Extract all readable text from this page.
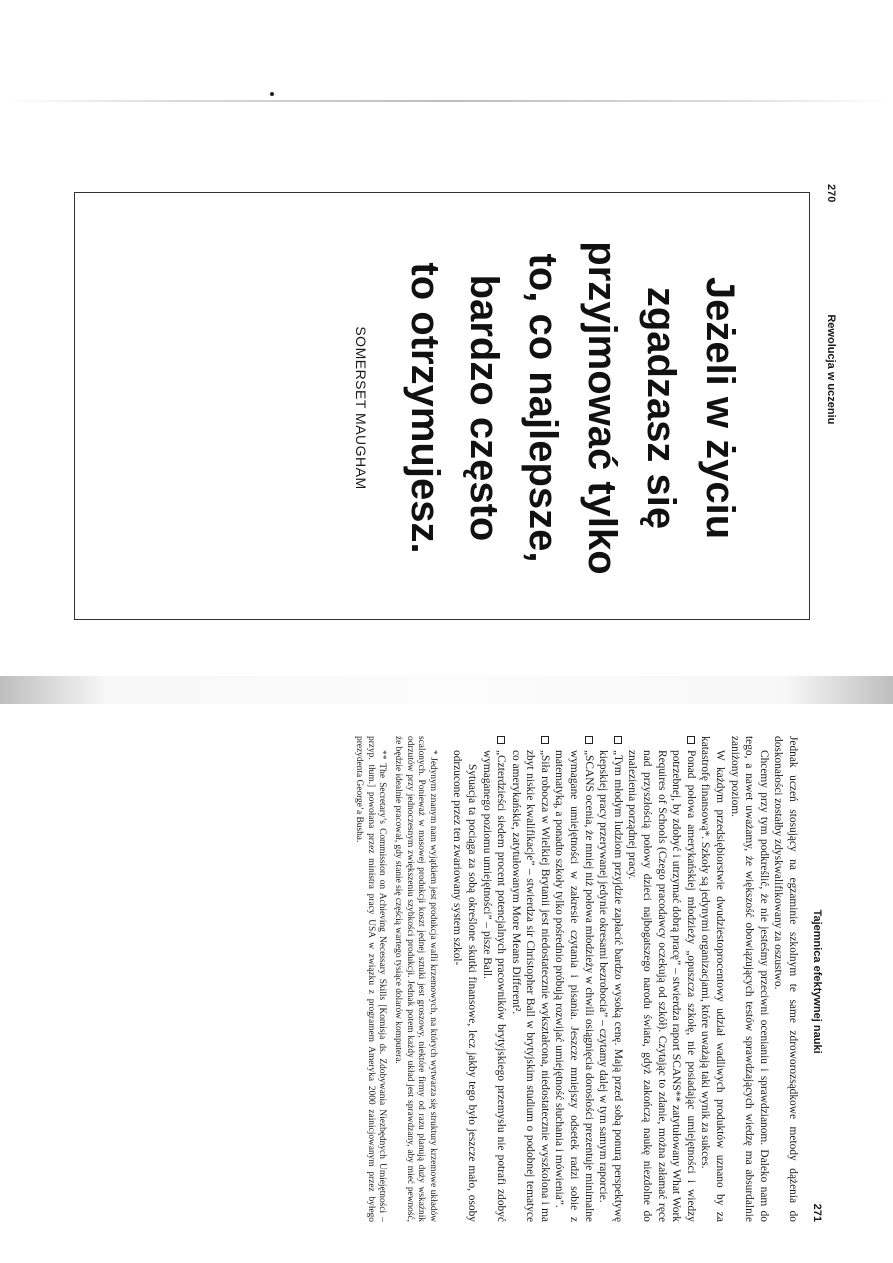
270
Rewolucja w uczeniu
Jeżeli w życiu
zgadzasz się
przyjmować tylko
to, co najlepsze,
bardzo często
to otrzymujesz.
SOMERSET MAUGHAM
Tajemnica efektywnej nauki
271

Jednak uczeń stosujący na egzaminie szkolnym te same zdroworozsądkowe metody dążenia do doskonałości zostałby zdyskwalifikowany za oszustwo.

Chcemy przy tym podkreślić, że nie jesteśmy przeciwni ocenianiu i sprawdzianom. Daleko nam do tego, a nawet uważamy, że większość obowiązujących testów sprawdzających wiedzę ma absurdalnie zaniżony poziom.

W każdym przedsiębiorstwie dwudziestoprocentowy udział wadliwych produktów uznano by za katastrofę finansową*. Szkoły są jedynymi organizacjami, które uważają taki wynik za sukces.

Ponad połowa amerykańskiej młodzieży „opuszcza szkołę, nie posiadając umiejętności i wiedzy potrzebnej, by zdobyć i utrzymać dobrą pracę” – stwierdza raport SCANS** zatytułowany What Work Requires of Schools (Czego pracodawcy oczekują od szkół). Czytając to zdanie, można załamać ręce nad przyszłością połowy dzieci najbogatszego narodu świata, gdyż zakończą naukę niezdolne do znalezienia porządnej pracy.
„Tym młodym ludziom przyjdzie zapłacić bardzo wysoką cenę. Mają przed sobą ponurą perspektywę kiepskiej pracy przerywanej jedynie okresami bezrobocia” – czytamy dalej w tym samym raporcie.
„SCANS ocenia, że mniej niż połowa młodzieży w chwili osiągnięcia dorosłości prezentuje minimalne wymagane umiejętności w zakresie czytania i pisania. Jeszcze mniejszy odsetek radzi sobie z matematyką, a ponadto szkoły tylko pośrednio próbują rozwijać umiejętność słuchania i mówienia”.
„Siła robocza w Wielkiej Brytanii jest niedostatecznie wykształcona, niedostatecznie wyszkolona i ma zbyt niskie kwalifikacje” – stwierdza sir Christopher Ball w brytyjskim studium o podobnej tematyce co amerykańskie, zatytułowanym More Means Different².
„Czterdzieści siedem procent potencjalnych pracowników brytyjskiego przemysłu nie potrafi zdobyć wymaganego poziomu umiejętności” – pisze Ball.
Sytuacja ta pociąga za sobą określone skutki finansowe, lecz jakby tego było jeszcze mało, osoby odrzucone przez ten zwariowany system szkol-

* Jedynym znanym nam wyjątkiem jest produkcja wafli krzemowych, na których wytwarza się struktury krzemowe układów scalonych. Ponieważ w masowej produkcji koszt jednej sztuki jest groszowy, niektóre firmy od razu planują duży wskaźnik odrzutów przy jednoczesnym zwiększeniu szybkości produkcji. Jednak potem każdy układ jest sprawdzany, aby mieć pewność, że będzie idealnie pracował, gdy stanie się częścią wartego tysiące dolarów komputera.

** The Secretary’s Commission on Achieving Necessary Skills [Komisja ds. Zdobywania Niezbędnych Umiejętności – przyp. tłum.] powołana przez ministra pracy USA w związku z programem Ameryka 2000 zainicjowanym przez byłego prezydenta George’a Busha.
